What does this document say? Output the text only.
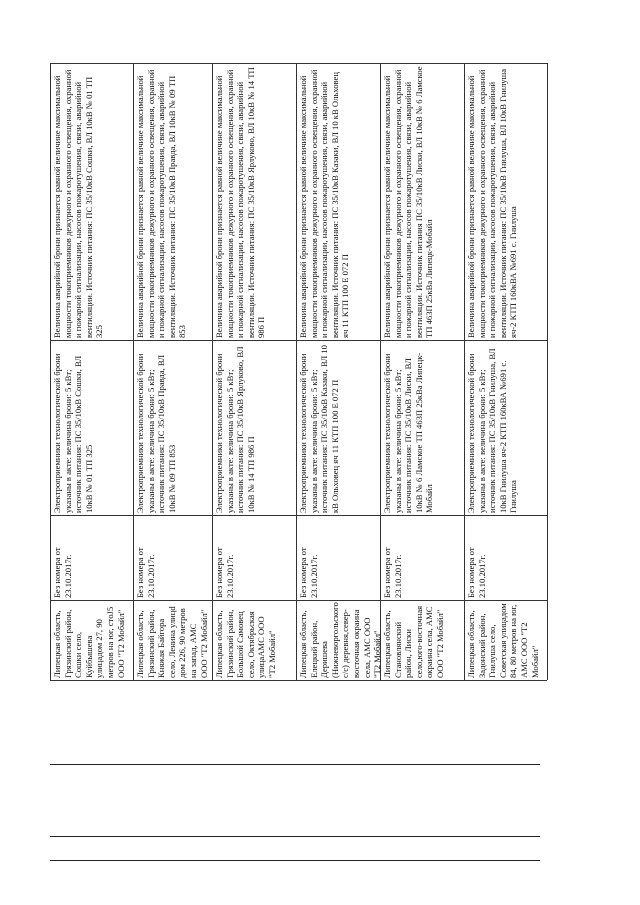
Липецкая область, Грязинский район, Сошки село, Куйбышева улицадом 27, 90 метров на юг, стоJ5 ООО "Т2 Мобайл"
Без номера от 23.10.2017г.
Электроприемники технологической брони указаны в акте: величина брони: 5 кВт; источник питания: ПС 35/10кВ Сошки, ВЛ 10кВ № 01 ТП 325
Величина аварийной брони признается равной величине максимальной мощности токоприемников дежурного и охранного освещения, охранной и пожарной сигнализации, насосов пожаротушения, связи, аварийной вентиляции. Источник питания: ПС 35/10кВ Сошки, ВЛ 10кВ № 01 ТП 325
Липецкая область, Грязинский район, Княжая Байгора село, Ленина улицd дом 226, 90 метров на запад, АМС ООО "Т2 Мобайл"
Без номера от 23.10.2017г.
Электроприемники технологической брони указаны в акте: величина брони: 5 кВт; источник питания: ПС 35/10кВ Правда, ВЛ 10кВ № 09 ТП 853
Величина аварийной брони признается равной величине максимальной мощности токоприемников дежурного и охранного освещения, охранной и пожарной сигнализации, насосов пожаротушения, связи, аварийной вентиляции. Источник питания: ПС 35/10кВ Правда, ВЛ 10кВ № 09 ТП 853
Липецкая область, Грязинский район, Большой Самовец село, Октябрьская улицаАМС ООО "Т2 Мобайл"
Без номера от 23.10.2017г.
Электроприемники технологической брони указаны в акте: величина брони: 5 кВт; источник питания: ПС 35/10кВ Ярлуково, ВЛ 10кВ № 14 ТП 986 П
Величина аварийной брони признается равной величине максимальной мощности токоприемников дежурного и охранного освещения, охранной и пожарной сигнализации, насосов пожаротушения, связи, аварийной вентиляции. Источник питания: ПС 35/10кВ Ярлуково, ВЛ 10кВ № 14 ТП 986 П
Липецкая область, Елецкий район, Деришева (Нижневоргольского с/с) деревня,север-восточная окраина села, АМС ООО "Т2 Мобайл"
Без номера от 23.10.2017г.
Электроприемники технологической брони указаны в акте: величина брони: 5 кВт; источник питания: ПС 35/10кВ Казаки, ВЛ 10 кВ Ольховец яч 11 КТП 100 Е 072 П
Величина аварийной брони признается равной величине максимальной мощности токоприемников дежурного и охранного освещения, охранной и пожарной сигнализации, насосов пожаротушения, связи, аварийной вентиляции. Источник питания: ПС 35/10кВ Казаки, ВЛ 10 кВ Ольховец яч 11 КТП 100 Е 072 П
Липецкая область, Становлянский район, Лиски село,юго-восточная окраина села, АМС ООО "Т2 Мобайл"
Без номера от 23.10.2017г.
Электроприемники технологической брони указаны в акте: величина брони: 5 кВт; источник питания: ПС 35/10кВ Лиски, ВЛ 10кВ № 6 Ламское ТП 463П 25кВа Липецк-Мобайл
Величина аварийной брони признается равной величине максимальной мощности токоприемников дежурного и охранного освещения, охранной и пожарной сигнализации, насосов пожаротушения, связи, аварийной вентиляции. Источник питания ПС 35/10кВ Лиски, ВЛ 10кВ № 6 Ламское ТП 463П 25кВа Липецк-Мобайл
Липецкая область, Задонский район, Гнилуша село, Советская улицадом 84, 80 метров на юг, АМС ООО "Т2 Мобайл"
Без номера от 23.10.2017г.
Электроприемники технологической брони указаны в акте: величина брони: 5 кВт; источник питания: ПС 35/10кВ Гнилуша, ВЛ 10кВ Гнилуша яч-2 КТП 160кВА №691 с. Гнилуша
Величина аварийной брони признается равной величине максимальной мощности токоприемников дежурного и охранного освещения, охранной и пожарной сигнализации, насосов пожаротушения, связи, аварийной вентиляции. Источник питания: ПС 35/10кВ Гнилуша, ВЛ 10кВ Гнилуша яч-2 КТП 160кВА №691 с. Гнилуша
